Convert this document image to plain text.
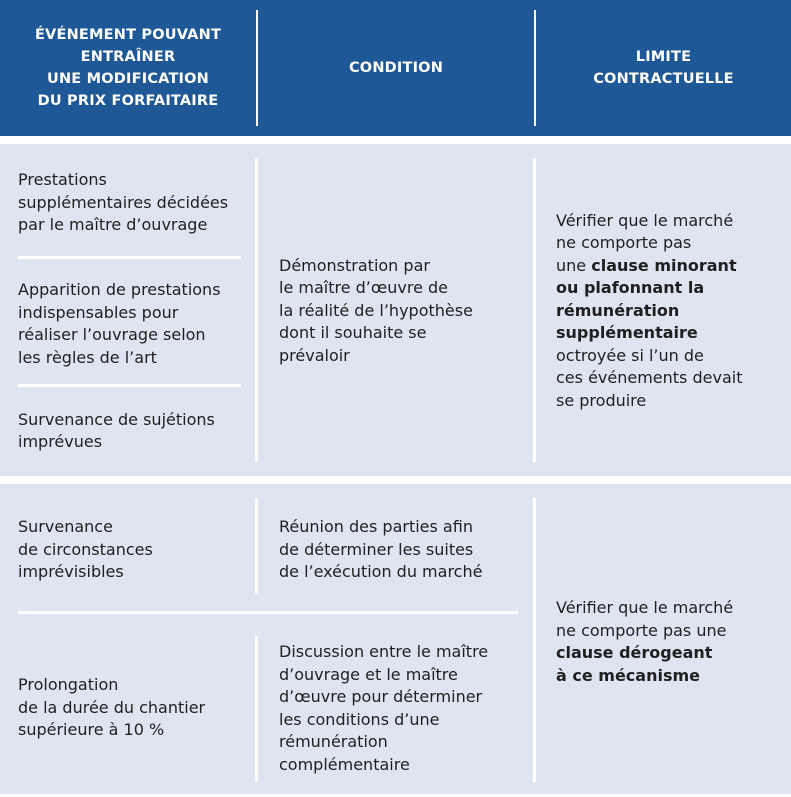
ÉVÉNEMENT POUVANT
ENTRAÎNER
UNE MODIFICATION
DU PRIX FORFAITAIRE
CONDITION
LIMITE
CONTRACTUELLE
Prestations
supplémentaires décidées
par le maître d’ouvrage
Apparition de prestations
indispensables pour
réaliser l’ouvrage selon
les règles de l’art
Survenance de sujétions
imprévues
Démonstration par
le maître d’œuvre de
la réalité de l’hypothèse
dont il souhaite se
prévaloir
Vérifier que le marché
ne comporte pas
une clause minorant
ou plafonnant la
rémunération
supplémentaire
octroyée si l’un de
ces événements devait
se produire
Survenance
de circonstances
imprévisibles
Prolongation
de la durée du chantier
supérieure à 10 %
Réunion des parties afin
de déterminer les suites
de l’exécution du marché
Discussion entre le maître
d’ouvrage et le maître
d’œuvre pour déterminer
les conditions d’une
rémunération
complémentaire
Vérifier que le marché
ne comporte pas une
clause dérogeant
à ce mécanisme
